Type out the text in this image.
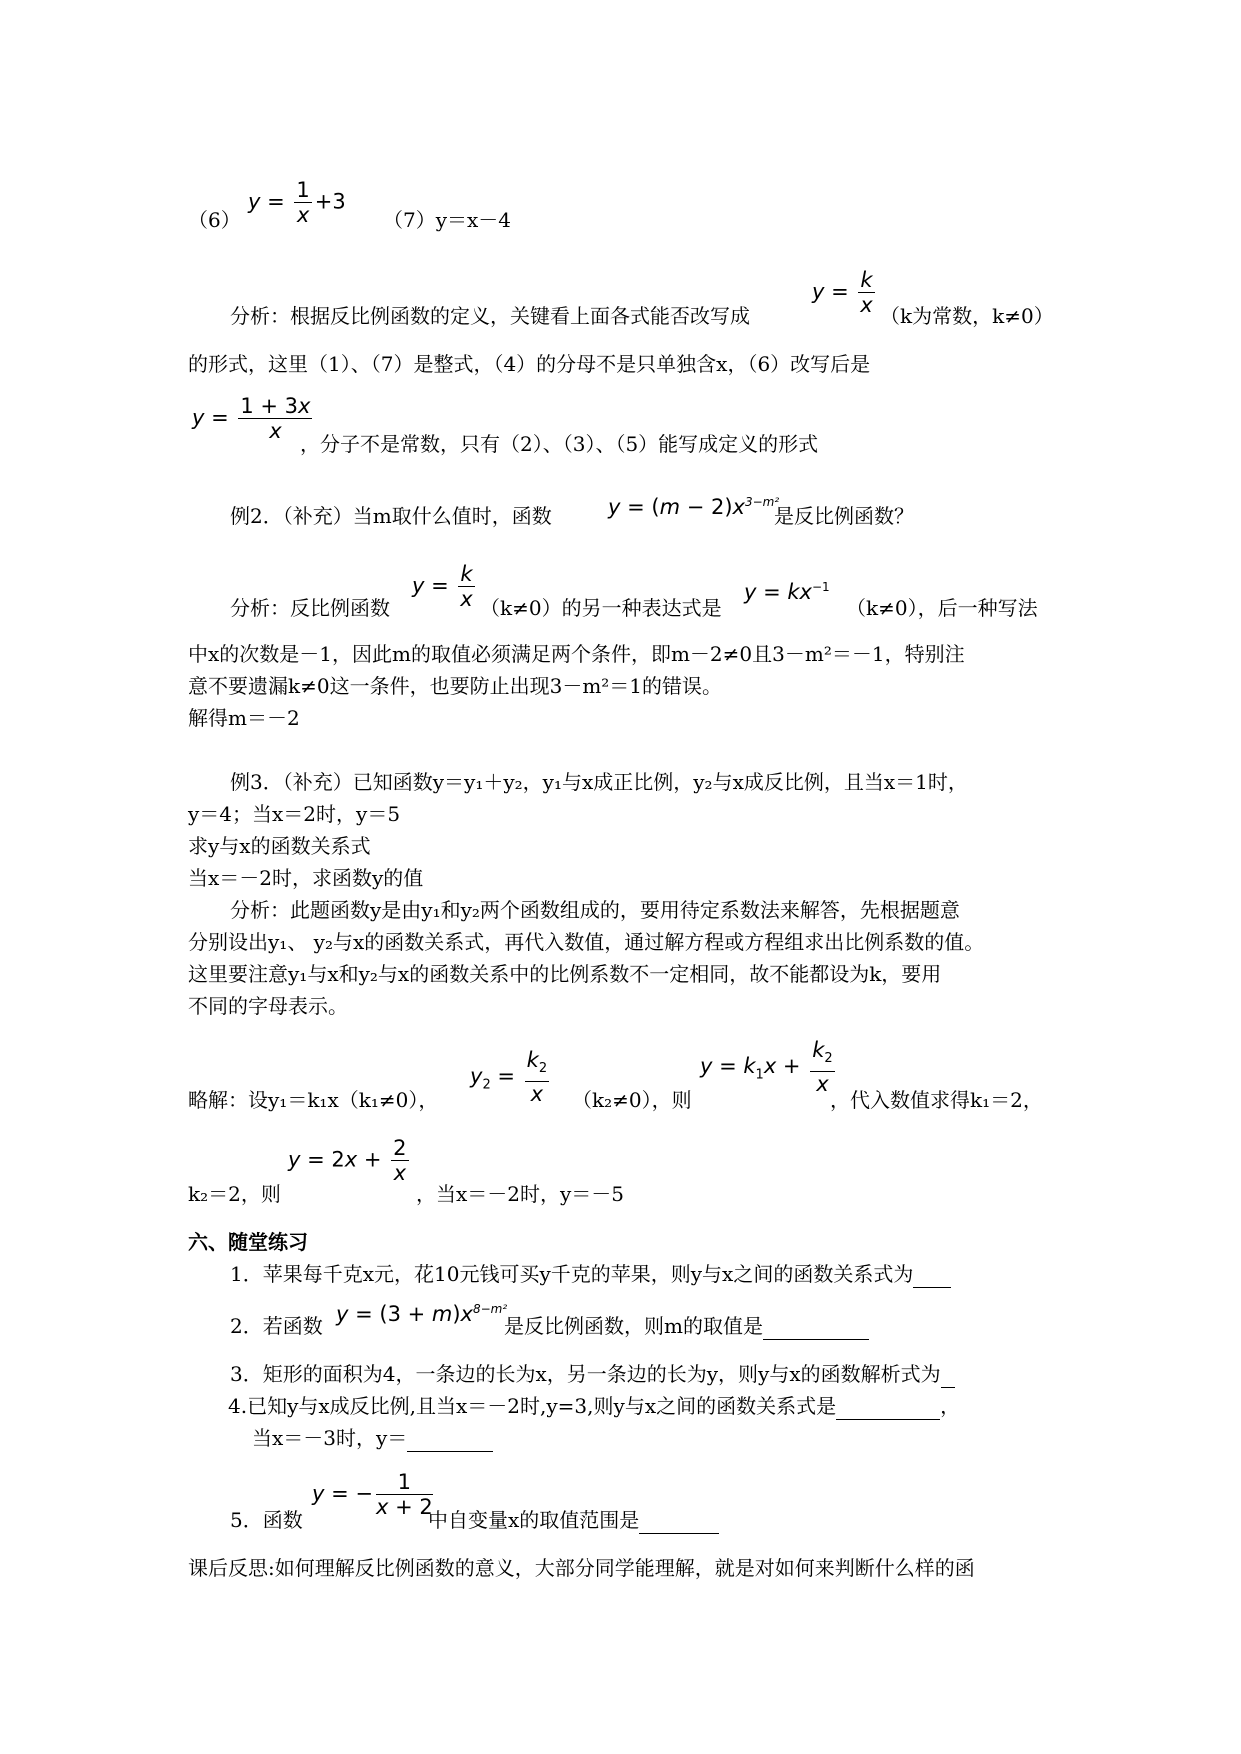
（6）
$y = \frac{1}{x} +3$
（7）y＝x－4
分析：根据反比例函数的定义，关键看上面各式能否改写成
$y = \frac{k}{x} (k$为常数，k≠0）
的形式，这里（1）、（7）是整式，（4）的分母不是只单独含x，（6）改写后是
$y = \frac{1 + 3x}{x}$
，分子不是常数，只有（2）、（3）、（5）能写成定义的形式
例2．（补充）当m取什么值时，函数	$y = (m - 2)x^{3-m^2}$
是反比例函数？
分析：反比例函数
$y = \frac{k}{x} (k\ne 0)$的另一种表达式是
$y = kx^{-1}$
（k≠0），后一种写法
中x的次数是－1，因此m的取值必须满足两个条件，即m－2≠0且3－m²＝－1，特别注
意不要遗漏k≠0这一条件，也要防止出现3－m²＝1的错误。
解得m＝－2
例3．（补充）已知函数y＝y₁＋y₂，y₁与x成正比例，y₂与x成反比例，且当x＝1时，
y＝4；当x＝2时，y＝5
求y与x的函数关系式
当x＝－2时，求函数y的值
分析：此题函数y是由y₁和y₂两个函数组成的，要用待定系数法来解答，先根据题意
分别设出y₁、 y₂与x的函数关系式，再代入数值，通过解方程或方程组求出比例系数的值。
这里要注意y₁与x和y₂与x的函数关系中的比例系数不一定相同，故不能都设为k，要用
不同的字母表示。
略解：设y₁＝k₁x（k₁≠0），
$y_2 = \frac{k_2}{x} (k_2\ne 0)$，则
$y = k_1x + \frac{k_2}{x}$
，代入数值求得k₁＝2，
k₂＝2，则
$y = 2x + \frac{2}{x}$
，当x＝－2时，y＝－5
六、随堂练习
1．苹果每千克x元，花10元钱可买y千克的苹果，则y与x之间的函数关系式为
2．若函数 $y = (3 + m)x^{8-m^2}$
是反比例函数，则m的取值是
3．矩形的面积为4，一条边的长为x，另一条边的长为y，则y与x的函数解析式为
4.已知y与x成反比例,且当x＝－2时,y=3,则y与x之间的函数关系式是	，
当x＝－3时，y＝
5．函数
y = − $\frac{1}{x + 2}$
中自变量x的取值范围是
课后反思:如何理解反比例函数的意义，大部分同学能理解，就是对如何来判断什么样的函
